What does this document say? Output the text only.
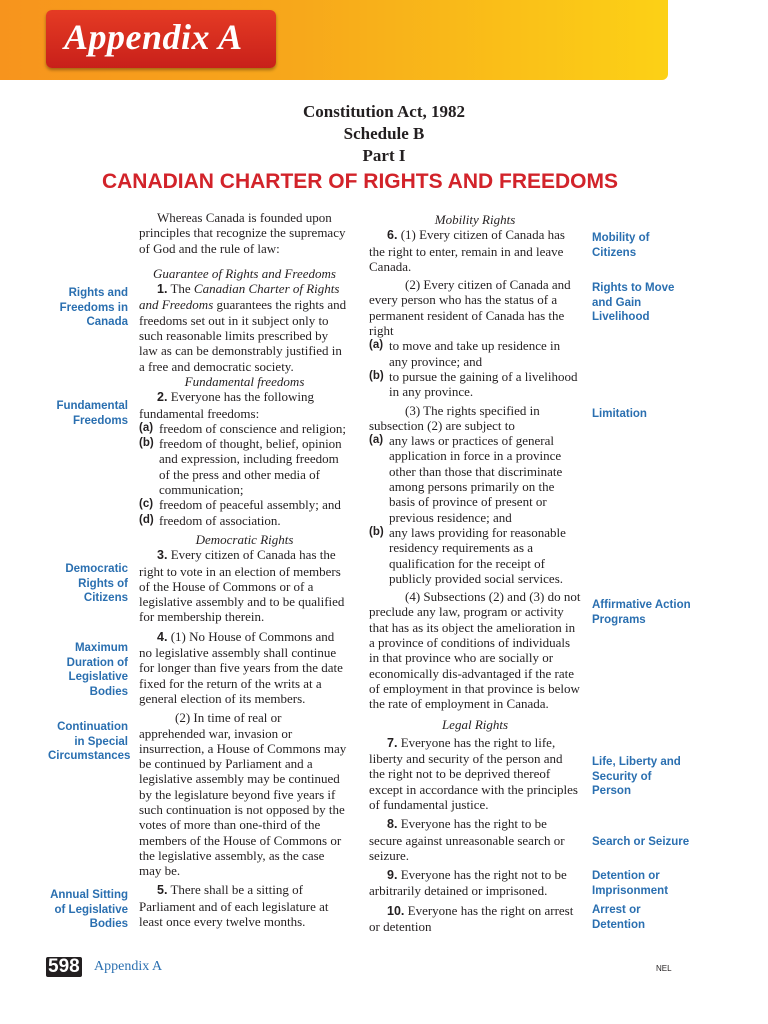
Appendix A
Constitution Act, 1982
Schedule B
Part I
CANADIAN CHARTER OF RIGHTS AND FREEDOMS
Rights and Freedoms in Canada
Fundamental Freedoms
Democratic Rights of Citizens
Maximum Duration of Legislative Bodies
Continuation in Special Circumstances
Annual Sitting of Legislative Bodies

Whereas Canada is founded upon principles that recognize the supremacy of God and the rule of law:

Guarantee of Rights and Freedoms

1. The Canadian Charter of Rights and Freedoms guarantees the rights and freedoms set out in it subject only to such reasonable limits prescribed by law as can be demonstrably justified in a free and democratic society.

Fundamental freedoms

2. Everyone has the following fundamental freedoms:

(a) freedom of conscience and religion;
(b) freedom of thought, belief, opinion and expression, including freedom of the press and other media of communication;
(c) freedom of peaceful assembly; and
(d) freedom of association.

Democratic Rights

3. Every citizen of Canada has the right to vote in an election of members of the House of Commons or of a legislative assembly and to be qualified for membership therein.

4. (1) No House of Commons and no legislative assembly shall continue for longer than five years from the date fixed for the return of the writs at a general election of its members.

(2) In time of real or apprehended war, invasion or insurrection, a House of Commons may be continued by Parliament and a legislative assembly may be continued by the legislature beyond five years if such continuation is not opposed by the votes of more than one-third of the members of the House of Commons or the legislative assembly, as the case may be.

5. There shall be a sitting of Parliament and of each legislature at least once every twelve months.

Mobility Rights

6. (1) Every citizen of Canada has the right to enter, remain in and leave Canada.

(2) Every citizen of Canada and every person who has the status of a permanent resident of Canada has the right

(a) to move and take up residence in any province; and
(b) to pursue the gaining of a livelihood in any province.

(3) The rights specified in subsection (2) are subject to

(a) any laws or practices of general application in force in a province other than those that discriminate among persons primarily on the basis of province of present or previous residence; and
(b) any laws providing for reasonable residency requirements as a qualification for the receipt of publicly provided social services.

(4) Subsections (2) and (3) do not preclude any law, program or activity that has as its object the amelioration in a province of conditions of individuals in that province who are socially or economically dis-advantaged if the rate of employment in that province is below the rate of employment in Canada.

Legal Rights

7. Everyone has the right to life, liberty and security of the person and the right not to be deprived thereof except in accordance with the principles of fundamental justice.

8. Everyone has the right to be secure against unreasonable search or seizure.

9. Everyone has the right not to be arbitrarily detained or imprisoned.

10. Everyone has the right on arrest or detention

Mobility of Citizens
Rights to Move and Gain Livelihood
Limitation
Affirmative Action Programs
Life, Liberty and Security of Person
Search or Seizure
Detention or Imprisonment
Arrest or Detention
598 Appendix A	NEL
